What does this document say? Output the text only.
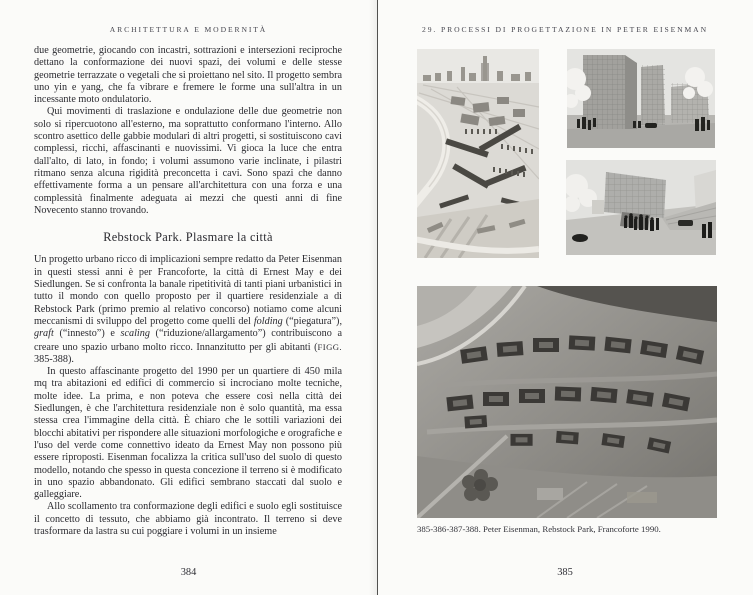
ARCHITETTURA E MODERNITÀ

due geometrie, giocando con incastri, sottrazioni e intersezioni reciproche dettano la conformazione dei nuovi spazi, dei volumi e delle stesse geometrie terrazzate o vegetali che si proiettano nel sito. Il progetto sembra uno yin e yang, che fa vibrare e fremere le forme una sull'altra in un incessante moto ondulatorio.

Qui movimenti di traslazione e ondulazione delle due geometrie non solo si ripercuotono all'esterno, ma soprattutto conformano l'interno. Allo scontro asettico delle gabbie modulari di altri progetti, si sostituiscono cavi complessi, ricchi, affascinanti e nuovissimi. Vi gioca la luce che entra dall'alto, di lato, in fondo; i volumi assumono varie inclinate, i pilastri ritmano senza alcuna rigidità preconcetta i cavi. Sono spazi che danno effettivamente forma a un pensare all'architettura con una forza e una complessità finalmente adeguata ai mezzi che questi anni di fine Novecento stanno trovando.

Rebstock Park. Plasmare la città

Un progetto urbano ricco di implicazioni sempre redatto da Peter Eisenman in questi stessi anni è per Francoforte, la città di Ernest May e dei Siedlungen. Se si confronta la banale ripetitività di tanti piani urbanistici in tutto il mondo con quello proposto per il quartiere residenziale a di Rebstock Park (primo premio al relativo concorso) notiamo come alcuni meccanismi di sviluppo del progetto come quelli del folding (“piegatura”), graft (“innesto”) e scaling (“riduzione/allargamento”) contribuiscono a creare uno spazio urbano molto ricco. Innanzitutto per gli abitanti (FIGG. 385-388).

In questo affascinante progetto del 1990 per un quartiere di 450 mila mq tra abitazioni ed edifici di commercio si incrociano molte tecniche, molte idee. La prima, e non poteva che essere così nella città dei Siedlungen, è che l'architettura residenziale non è solo quantità, ma essa stessa crea l'immagine della città. È chiaro che le sottili variazioni dei blocchi abitativi per rispondere alle situazioni morfologiche e orografiche e l'uso del verde come connettivo ideato da Ernest May non possono più essere riproposti. Eisenman focalizza la critica sull'uso del suolo di questo modello, notando che spesso in questa concezione il terreno si è modificato in uno spazio abbandonato. Gli edifici sembrano staccati dal suolo e galleggiare.

Allo scollamento tra conformazione degli edifici e suolo egli sostituisce il concetto di tessuto, che abbiamo già incontrato. Il terreno si deve trasformare da lastra su cui poggiare i volumi in un insieme

384
29. PROCESSI DI PROGETTAZIONE IN PETER EISENMAN
385-386-387-388. Peter Eisenman, Rebstock Park, Francoforte 1990.
385
